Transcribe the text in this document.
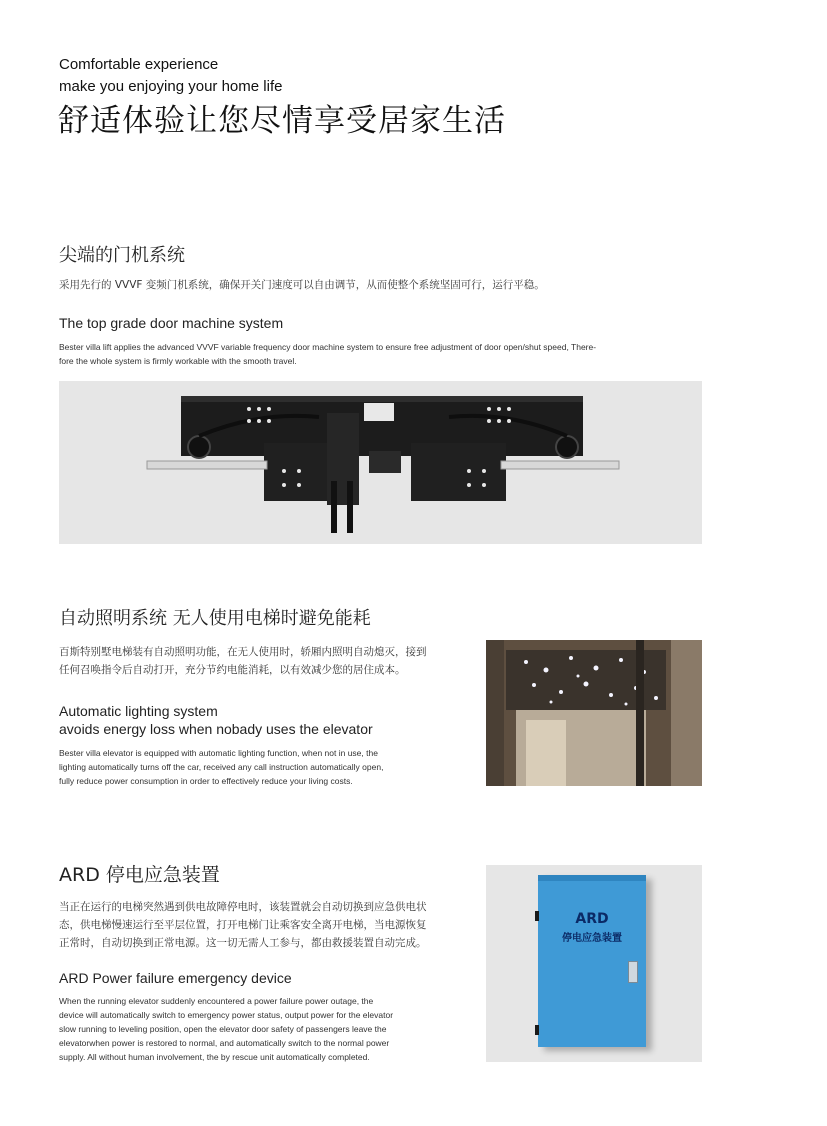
Comfortable experience
make you enjoying your home life
舒适体验让您尽情享受居家生活
尖端的门机系统
采用先行的 VVVF 变频门机系统，确保开关门速度可以自由调节，从而使整个系统坚固可行，运行平稳。
The top grade door machine system
Bester villa lift applies the advanced VVVF variable frequency door machine system to ensure free adjustment of door open/shut speed, There-
fore the whole system is firmly workable with the smooth travel.
自动照明系统 无人使用电梯时避免能耗
百斯特别墅电梯装有自动照明功能，在无人使用时，轿厢内照明自动熄灭，接到
任何召唤指令后自动打开，充分节约电能消耗，以有效减少您的居住成本。
Automatic lighting system
avoids energy loss when nobady uses the elevator
Bester villa elevator is equipped with automatic lighting function, when not in use, the
lighting automatically turns off the car, received any call instruction automatically open,
fully reduce power consumption in order to effectively reduce your living costs.
ARD 停电应急装置
当正在运行的电梯突然遇到供电故障停电时，该装置就会自动切换到应急供电状
态，供电梯慢速运行至平层位置，打开电梯门让乘客安全离开电梯，当电源恢复
正常时，自动切换到正常电源。这一切无需人工参与，都由救援装置自动完成。
ARD Power failure emergency device
When the running elevator suddenly encountered a power failure power outage, the
device will automatically switch to emergency power status, output power for the elevator
slow running to leveling position, open the elevator door safety of passengers leave the
elevatorwhen power is restored to normal, and automatically switch to the normal power
supply. All without human involvement, the by rescue unit automatically completed.
ARD
停电应急装置
